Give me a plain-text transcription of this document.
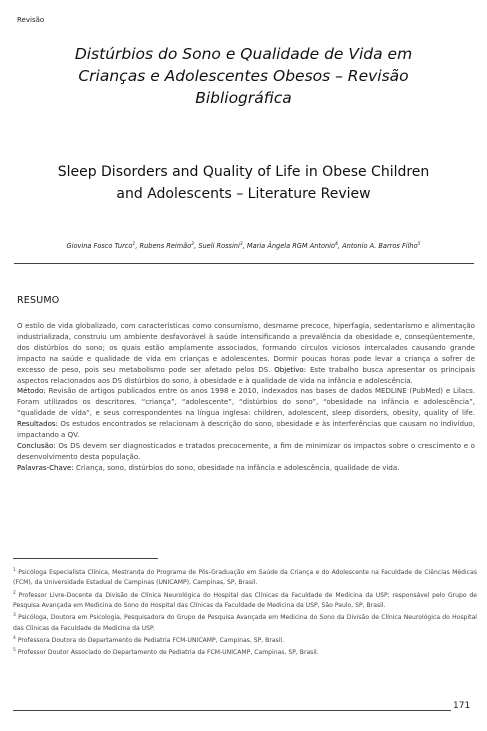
Revisão
Distúrbios do Sono e Qualidade de Vida em
Crianças e Adolescentes Obesos – Revisão
Bibliográfica
Sleep Disorders and Quality of Life in Obese Children
and Adolescents – Literature Review
Giovina Fosco Turco$^1$, Rubens Reimão$^2$, Sueli Rossini$^3$, Maria Ângela RGM Antonio$^4$, Antonio A. Barros Filho$^5$
RESUMO

O estilo de vida globalizado, com características como consumismo, desmame precoce, hiperfagia, sedentarismo e alimentação industrializada, construiu um ambiente desfavorável à saúde intensificando a prevalência da obesidade e, conseqüentemente, dos distúrbios do sono; os quais estão amplamente associados, formando círculos viciosos intercalados causando grande impacto na saúde e qualidade de vida em crianças e adolescentes. Dormir poucas horas pode levar a criança a sofrer de excesso de peso, pois seu metabolismo pode ser afetado pelos DS. Objetivo: Este trabalho busca apresentar os principais aspectos relacionados aos DS distúrbios do sono, à obesidade e à qualidade de vida na infância e adolescência.
Método: Revisão de artigos publicados entre os anos 1998 e 2010, indexados nas bases de dados MEDLINE (PubMed) e Lilacs. Foram utilizados os descritores. “criança”, “adolescente”, “distúrbios do sono”, “obesidade na infância e adolescência”, “qualidade de vida”, e seus correspondentes na língua inglesa: children, adolescent, sleep disorders, obesity, quality of life. Resultados: Os estudos encontrados se relacionam à descrição do sono, obesidade e às interferências que causam no indivíduo, impactando a QV.
Conclusão: Os DS devem ser diagnosticados e tratados precocemente, a fim de minimizar os impactos sobre o crescimento e o desenvolvimento desta população.
Palavras-Chave: Criança, sono, distúrbios do sono, obesidade na infância e adolescência, qualidade de vida.

$^1$ Psicóloga Especialista Clínica, Mestranda do Programa de Pós-Graduação em Saúde da Criança e do Adolescente na Faculdade de Ciências Médicas (FCM), da Universidade Estadual de Campinas (UNICAMP), Campinas, SP, Brasil.

$^2$ Professor Livre-Docente da Divisão de Clínica Neurológica do Hospital das Clínicas da Faculdade de Medicina da USP; responsável pelo Grupo de Pesquisa Avançada em Medicina do Sono do Hospital das Clínicas da Faculdade de Medicina da USP, São Paulo, SP, Brasil.

$^3$ Psicóloga, Doutora em Psicologia, Pesquisadora do Grupo de Pesquisa Avançada em Medicina do Sono da Divisão de Clínica Neurológica do Hospital das Clínicas da Faculdade de Medicina da USP.

$^4$ Professora Doutora do Departamento de Pediatria FCM-UNICAMP, Campinas, SP, Brasil.

$^5$ Professor Doutor Associado do Departamento de Pediatria da FCM-UNICAMP, Campinas, SP, Brasil.

171
